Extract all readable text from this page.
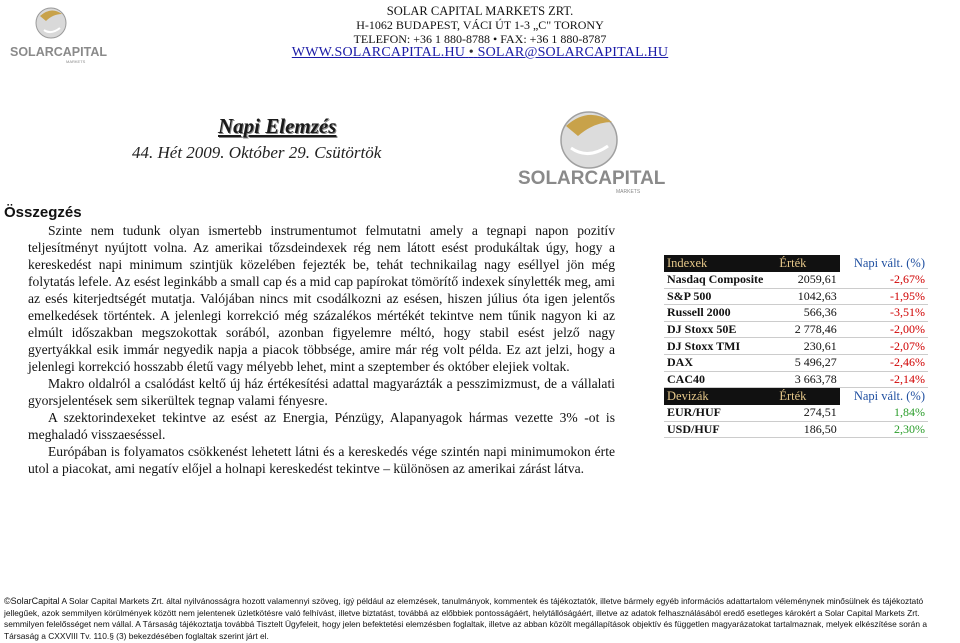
SOLARCAPITAL
MARKETS
SOLAR CAPITAL MARKETS ZRT.
H-1062 BUDAPEST, VÁCI ÚT 1-3 „C" TORONY
TELEFON: +36 1 880-8788 • FAX: +36 1 880-8787
WWW.SOLARCAPITAL.HU • SOLAR@SOLARCAPITAL.HU
Napi Elemzés
44. Hét 2009. Október 29. Csütörtök
SOLARCAPITAL
MARKETS
Összegzés

Szinte nem tudunk olyan ismertebb instrumentumot felmutatni amely a tegnapi napon pozitív teljesítményt nyújtott volna. Az amerikai tőzsdeindexek rég nem látott esést produkáltak úgy, hogy a kereskedést napi minimum szintjük közelében fejezték be, tehát technikailag nagy eséllyel jön még folytatás lefele. Az esést leginkább a small cap és a mid cap papírokat tömörítő indexek sínylették meg, ami az esés kiterjedtségét mutatja. Valójában nincs mit csodálkozni az esésen, hiszen július óta igen jelentős emelkedések történtek. A jelenlegi korrekció még százalékos mértékét tekintve nem tűnik nagyon ki az elmúlt időszakban megszokottak sorából, azonban figyelemre méltó, hogy stabil esést jelző nagy gyertyákkal esik immár negyedik napja a piacok többsége, amire már rég volt példa. Ez azt jelzi, hogy a jelenlegi korrekció hosszabb életű vagy mélyebb lehet, mint a szeptember és október elejiek voltak.

Makro oldalról a csalódást keltő új ház értékesítési adattal magyarázták a pesszimizmust, de a vállalati gyorsjelentések sem sikerültek tegnap valami fényesre.

A szektorindexeket tekintve az esést az Energia, Pénzügy, Alapanyagok hármas vezette 3% -ot is meghaladó visszaeséssel.

Európában is folyamatos csökkenést lehetett látni és a kereskedés vége szintén napi minimumokon érte utol a piacokat, ami negatív előjel a holnapi kereskedést tekintve – különösen az amerikai zárást látva.

Indexek	Érték	Napi vált. (%)
Nasdaq Composite	2059,61	-2,67%
S&P 500	1042,63	-1,95%
Russell 2000	566,36	-3,51%
DJ Stoxx 50E	2 778,46	-2,00%
DJ Stoxx TMI	230,61	-2,07%
DAX	5 496,27	-2,46%
CAC40	3 663,78	-2,14%
Devizák	Érték	Napi vált. (%)
EUR/HUF	274,51	1,84%
USD/HUF	186,50	2,30%
©SolarCapital A Solar Capital Markets Zrt. által nyilvánosságra hozott valamennyi szöveg, ígý például az elemzések, tanulmányok, kommentek és tájékoztatók, illetve bármely egyéb információs adattartalom véleménynek minősülnek és tájékoztató jellegűek, azok semmilyen körülmények között nem jelentenek üzletkötésre való felhívást, illetve biztatást, továbbá az előbbiek pontosságáért, helytállóságáért, illetve az adatok felhasználásából eredő esetleges károkért a Solar Capital Markets Zrt. semmilyen felelősséget nem vállal. A Társaság tájékoztatja továbbá Tisztelt Ügyfeleit, hogy jelen befektetési elemzésben foglaltak, illetve az abban közölt megállapítások objektív és független magyarázatokat tartalmaznak, melyek elkészítése során a Társaság a CXXVIII Tv. 110.§ (3) bekezdésében foglaltak szerint járt el.
